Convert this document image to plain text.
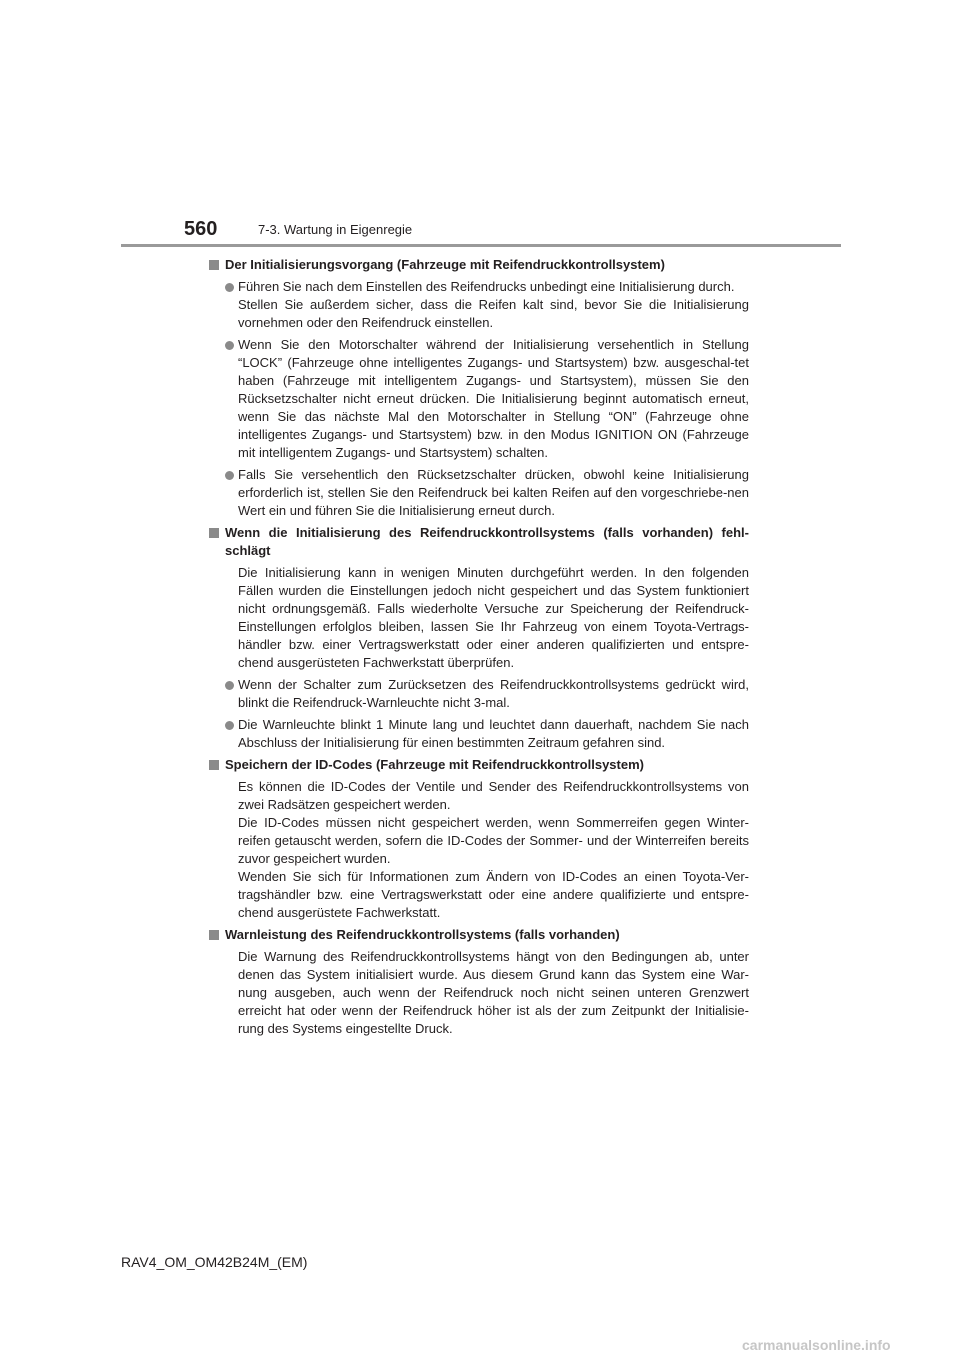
560	7-3. Wartung in Eigenregie
Der Initialisierungsvorgang (Fahrzeuge mit Reifendruckkontrollsystem)

Führen Sie nach dem Einstellen des Reifendrucks unbedingt eine Initialisierung durch.

Stellen Sie außerdem sicher, dass die Reifen kalt sind, bevor Sie die Initialisierung vornehmen oder den Reifendruck einstellen.

Wenn Sie den Motorschalter während der Initialisierung versehentlich in Stellung “LOCK” (Fahrzeuge ohne intelligentes Zugangs- und Startsystem) bzw. ausgeschal-tet haben (Fahrzeuge mit intelligentem Zugangs- und Startsystem), müssen Sie den Rücksetzschalter nicht erneut drücken. Die Initialisierung beginnt automatisch erneut, wenn Sie das nächste Mal den Motorschalter in Stellung “ON” (Fahrzeuge ohne intelligentes Zugangs- und Startsystem) bzw. in den Modus IGNITION ON (Fahrzeuge mit intelligentem Zugangs- und Startsystem) schalten.

Falls Sie versehentlich den Rücksetzschalter drücken, obwohl keine Initialisierung erforderlich ist, stellen Sie den Reifendruck bei kalten Reifen auf den vorgeschriebe-nen Wert ein und führen Sie die Initialisierung erneut durch.

Wenn die Initialisierung des Reifendruckkontrollsystems (falls vorhanden) fehl-schlägt

Die Initialisierung kann in wenigen Minuten durchgeführt werden. In den folgenden Fällen wurden die Einstellungen jedoch nicht gespeichert und das System funktioniert nicht ordnungsgemäß. Falls wiederholte Versuche zur Speicherung der Reifendruck-Einstellungen erfolglos bleiben, lassen Sie Ihr Fahrzeug von einem Toyota-Vertrags-händler bzw. einer Vertragswerkstatt oder einer anderen qualifizierten und entspre-chend ausgerüsteten Fachwerkstatt überprüfen.

Wenn der Schalter zum Zurücksetzen des Reifendruckkontrollsystems gedrückt wird, blinkt die Reifendruck-Warnleuchte nicht 3-mal.

Die Warnleuchte blinkt 1 Minute lang und leuchtet dann dauerhaft, nachdem Sie nach Abschluss der Initialisierung für einen bestimmten Zeitraum gefahren sind.

Speichern der ID-Codes (Fahrzeuge mit Reifendruckkontrollsystem)

Es können die ID-Codes der Ventile und Sender des Reifendruckkontrollsystems von zwei Radsätzen gespeichert werden.

Die ID-Codes müssen nicht gespeichert werden, wenn Sommerreifen gegen Winter-reifen getauscht werden, sofern die ID-Codes der Sommer- und der Winterreifen bereits zuvor gespeichert wurden.

Wenden Sie sich für Informationen zum Ändern von ID-Codes an einen Toyota-Ver-tragshändler bzw. eine Vertragswerkstatt oder eine andere qualifizierte und entspre-chend ausgerüstete Fachwerkstatt.

Warnleistung des Reifendruckkontrollsystems (falls vorhanden)

Die Warnung des Reifendruckkontrollsystems hängt von den Bedingungen ab, unter denen das System initialisiert wurde. Aus diesem Grund kann das System eine War-nung ausgeben, auch wenn der Reifendruck noch nicht seinen unteren Grenzwert erreicht hat oder wenn der Reifendruck höher ist als der zum Zeitpunkt der Initialisie-rung des Systems eingestellte Druck.

RAV4_OM_OM42B24M_(EM)
carmanualsonline.info
